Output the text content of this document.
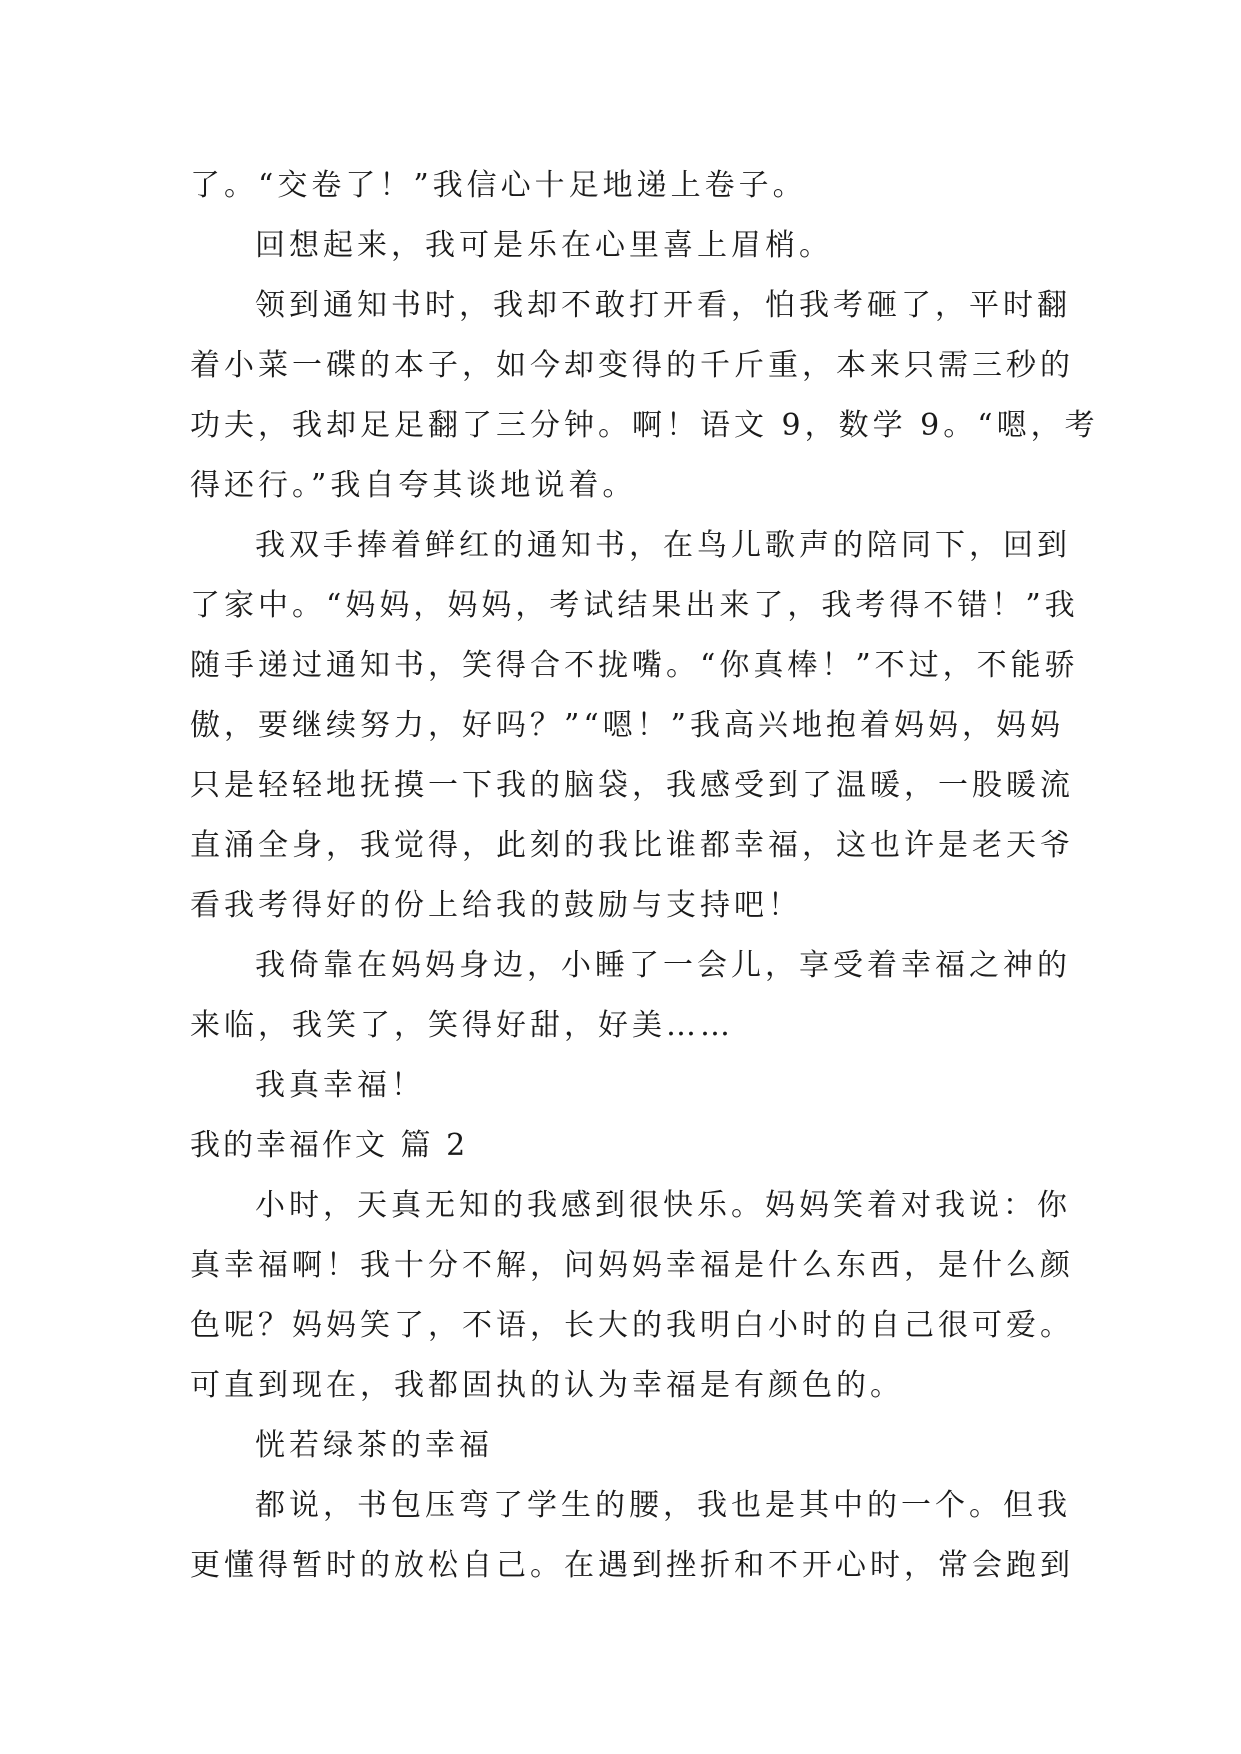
了。“交卷了！”我信心十足地递上卷子。
回想起来，我可是乐在心里喜上眉梢。
领到通知书时，我却不敢打开看，怕我考砸了，平时翻
着小菜一碟的本子，如今却变得的千斤重，本来只需三秒的
功夫，我却足足翻了三分钟。啊！语文 9，数学 9。“嗯，考
得还行。”我自夸其谈地说着。
我双手捧着鲜红的通知书，在鸟儿歌声的陪同下，回到
了家中。“妈妈，妈妈，考试结果出来了，我考得不错！”我
随手递过通知书，笑得合不拢嘴。“你真棒！”不过，不能骄
傲，要继续努力，好吗？”“嗯！”我高兴地抱着妈妈，妈妈
只是轻轻地抚摸一下我的脑袋，我感受到了温暖，一股暖流
直涌全身，我觉得，此刻的我比谁都幸福，这也许是老天爷
看我考得好的份上给我的鼓励与支持吧！
我倚靠在妈妈身边，小睡了一会儿，享受着幸福之神的
来临，我笑了，笑得好甜，好美……
我真幸福！
我的幸福作文 篇 2
小时，天真无知的我感到很快乐。妈妈笑着对我说：你
真幸福啊！我十分不解，问妈妈幸福是什么东西，是什么颜
色呢？妈妈笑了，不语，长大的我明白小时的自己很可爱。
可直到现在，我都固执的认为幸福是有颜色的。
恍若绿茶的幸福
都说，书包压弯了学生的腰，我也是其中的一个。但我
更懂得暂时的放松自己。在遇到挫折和不开心时，常会跑到
